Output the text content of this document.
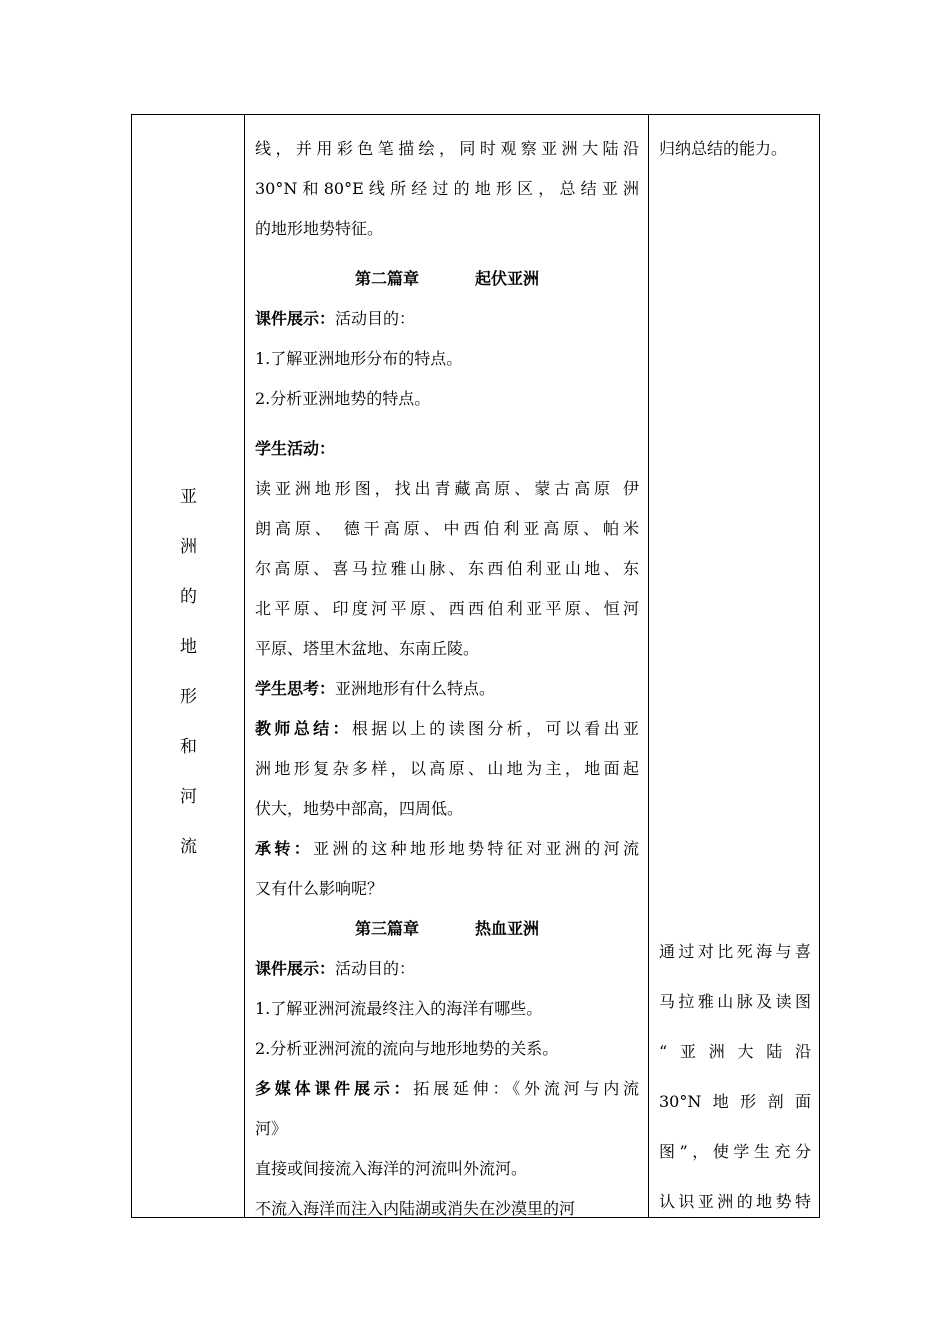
亚
洲
的
地
形
和
河
流

线，并用彩色笔描绘，同时观察亚洲大陆沿

30°N和80°E线所经过的地形区，总结亚洲

的地形地势特征。

第二篇章	起伏亚洲

课件展示：活动目的：

1.了解亚洲地形分布的特点。

2.分析亚洲地势的特点。

学生活动：

读亚洲地形图，找出青藏高原、蒙古高原 伊

朗高原、 德干高原、中西伯利亚高原、帕米

尔高原、喜马拉雅山脉、东西伯利亚山地、东

北平原、印度河平原、西西伯利亚平原、恒河

平原、塔里木盆地、东南丘陵。

学生思考：亚洲地形有什么特点。

教师总结：根据以上的读图分析，可以看出亚

洲地形复杂多样，以高原、山地为主，地面起

伏大，地势中部高，四周低。

承转：亚洲的这种地形地势特征对亚洲的河流

又有什么影响呢？

第三篇章	热血亚洲

课件展示：活动目的：

1.了解亚洲河流最终注入的海洋有哪些。

2.分析亚洲河流的流向与地形地势的关系。

多媒体课件展示：拓展延伸：《外流河与内流

河》

直接或间接流入海洋的河流叫外流河。

不流入海洋而注入内陆湖或消失在沙漠里的河

归纳总结的能力。

通过对比死海与喜

马拉雅山脉及读图

“亚洲大陆沿

30°N地形剖面

图”，使学生充分

认识亚洲的地势特
